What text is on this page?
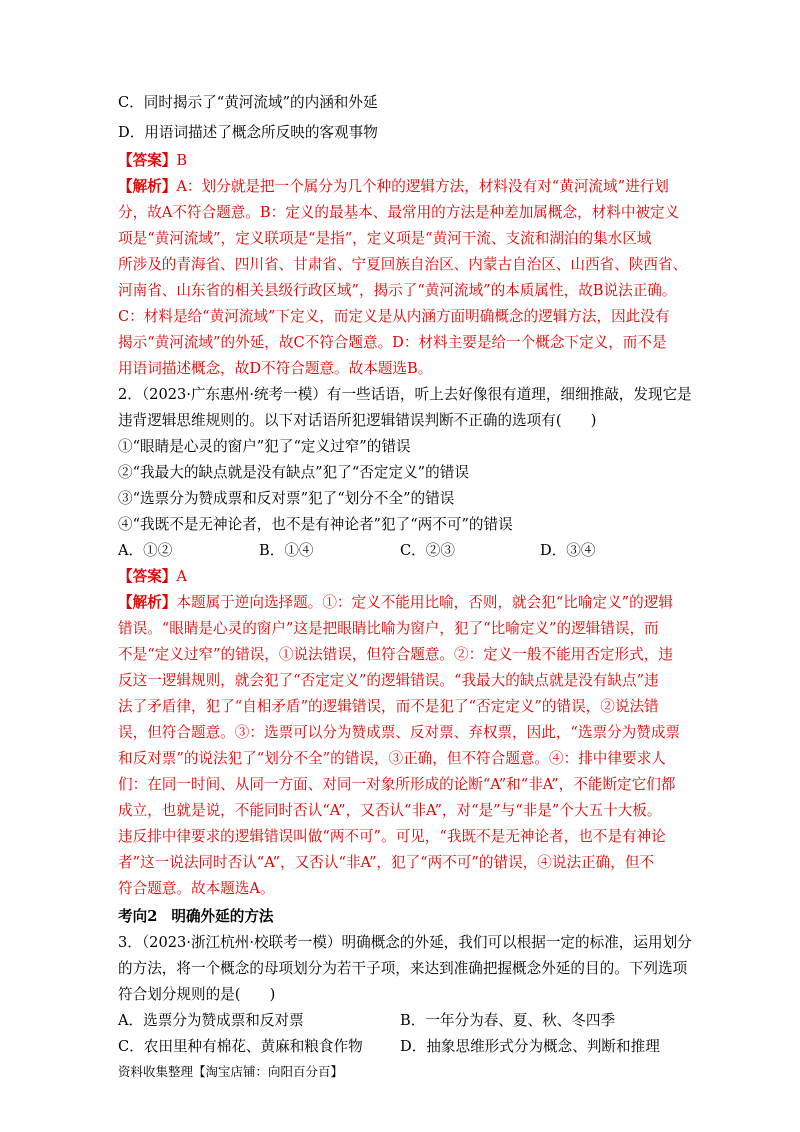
C．同时揭示了“黄河流域”的内涵和外延
D．用语词描述了概念所反映的客观事物
【答案】B
【解析】A：划分就是把一个属分为几个种的逻辑方法，材料没有对“黄河流域”进行划
分，故A不符合题意。B：定义的最基本、最常用的方法是种差加属概念，材料中被定义
项是“黄河流域”，定义联项是“是指”，定义项是“黄河干流、支流和湖泊的集水区域
所涉及的青海省、四川省、甘肃省、宁夏回族自治区、内蒙古自治区、山西省、陕西省、
河南省、山东省的相关县级行政区域”，揭示了“黄河流域”的本质属性，故B说法正确。
C：材料是给“黄河流域”下定义，而定义是从内涵方面明确概念的逻辑方法，因此没有
揭示“黄河流域”的外延，故C不符合题意。D：材料主要是给一个概念下定义，而不是
用语词描述概念，故D不符合题意。故本题选B。
2．（2023·广东惠州·统考一模）有一些话语，听上去好像很有道理，细细推敲，发现它是
违背逻辑思维规则的。以下对话语所犯逻辑错误判断不正确的选项有(　　)
①“眼睛是心灵的窗户”犯了“定义过窄”的错误
②“我最大的缺点就是没有缺点”犯了“否定定义”的错误
③“选票分为赞成票和反对票”犯了“划分不全”的错误
④“我既不是无神论者，也不是有神论者”犯了“两不可”的错误
A．①②	B．①④	C．②③	D．③④
【答案】A
【解析】本题属于逆向选择题。①：定义不能用比喻，否则，就会犯“比喻定义”的逻辑
错误。“眼睛是心灵的窗户”这是把眼睛比喻为窗户，犯了“比喻定义”的逻辑错误，而
不是“定义过窄”的错误，①说法错误，但符合题意。②：定义一般不能用否定形式，违
反这一逻辑规则，就会犯了“否定定义”的逻辑错误。“我最大的缺点就是没有缺点”违
法了矛盾律，犯了“自相矛盾”的逻辑错误，而不是犯了“否定定义”的错误，②说法错
误，但符合题意。③：选票可以分为赞成票、反对票、弃权票，因此，“选票分为赞成票
和反对票”的说法犯了“划分不全”的错误，③正确，但不符合题意。④：排中律要求人
们：在同一时间、从同一方面、对同一对象所形成的论断“A”和“非A”，不能断定它们都
成立，也就是说，不能同时否认“A”，又否认“非A”，对“是”与“非是”个大五十大板。
违反排中律要求的逻辑错误叫做“两不可”。可见，“我既不是无神论者，也不是有神论
者”这一说法同时否认“A”，又否认“非A”，犯了“两不可”的错误，④说法正确，但不
符合题意。故本题选A。
考向2 明确外延的方法
3．（2023·浙江杭州·校联考一模）明确概念的外延，我们可以根据一定的标准，运用划分
的方法，将一个概念的母项划分为若干子项，来达到准确把握概念外延的目的。下列选项
符合划分规则的是(　　)
A．选票分为赞成票和反对票	B．一年分为春、夏、秋、冬四季
C．农田里种有棉花、黄麻和粮食作物	D．抽象思维形式分为概念、判断和推理
资料收集整理【淘宝店铺：向阳百分百】
